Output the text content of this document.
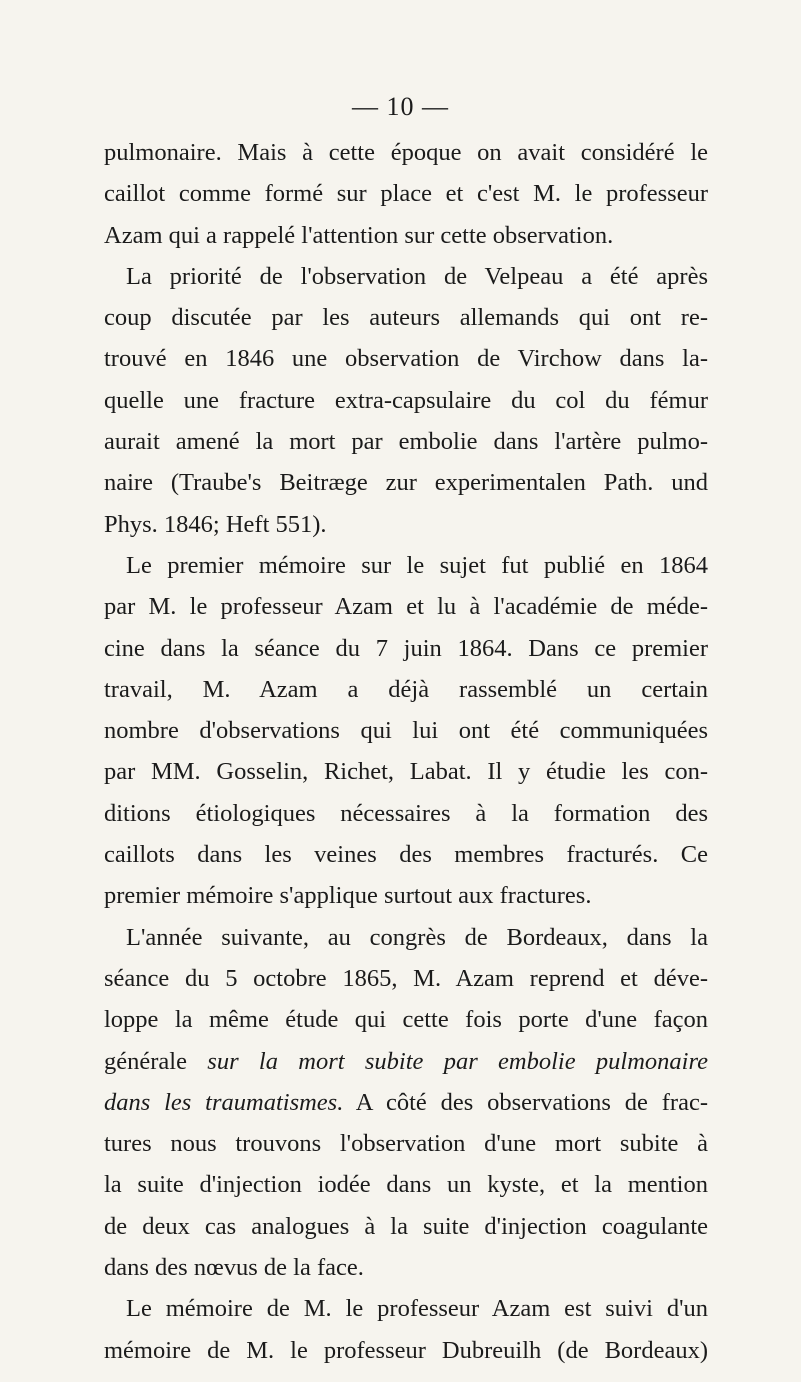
— 10 —
pulmonaire. Mais à cette époque on avait considéré le
caillot comme formé sur place et c'est M. le professeur
Azam qui a rappelé l'attention sur cette observation.
La priorité de l'observation de Velpeau a été après
coup discutée par les auteurs allemands qui ont re-
trouvé en 1846 une observation de Virchow dans la-
quelle une fracture extra-capsulaire du col du fémur
aurait amené la mort par embolie dans l'artère pulmo-
naire (Traube's Beitræge zur experimentalen Path. und
Phys. 1846; Heft 551).
Le premier mémoire sur le sujet fut publié en 1864
par M. le professeur Azam et lu à l'académie de méde-
cine dans la séance du 7 juin 1864. Dans ce premier
travail, M. Azam a déjà rassemblé un certain
nombre d'observations qui lui ont été communiquées
par MM. Gosselin, Richet, Labat. Il y étudie les con-
ditions étiologiques nécessaires à la formation des
caillots dans les veines des membres fracturés. Ce
premier mémoire s'applique surtout aux fractures.
L'année suivante, au congrès de Bordeaux, dans la
séance du 5 octobre 1865, M. Azam reprend et déve-
loppe la même étude qui cette fois porte d'une façon
générale sur la mort subite par embolie pulmonaire
dans les traumatismes. A côté des observations de frac-
tures nous trouvons l'observation d'une mort subite à
la suite d'injection iodée dans un kyste, et la mention
de deux cas analogues à la suite d'injection coagulante
dans des nœvus de la face.
Le mémoire de M. le professeur Azam est suivi d'un
mémoire de M. le professeur Dubreuilh (de Bordeaux)
